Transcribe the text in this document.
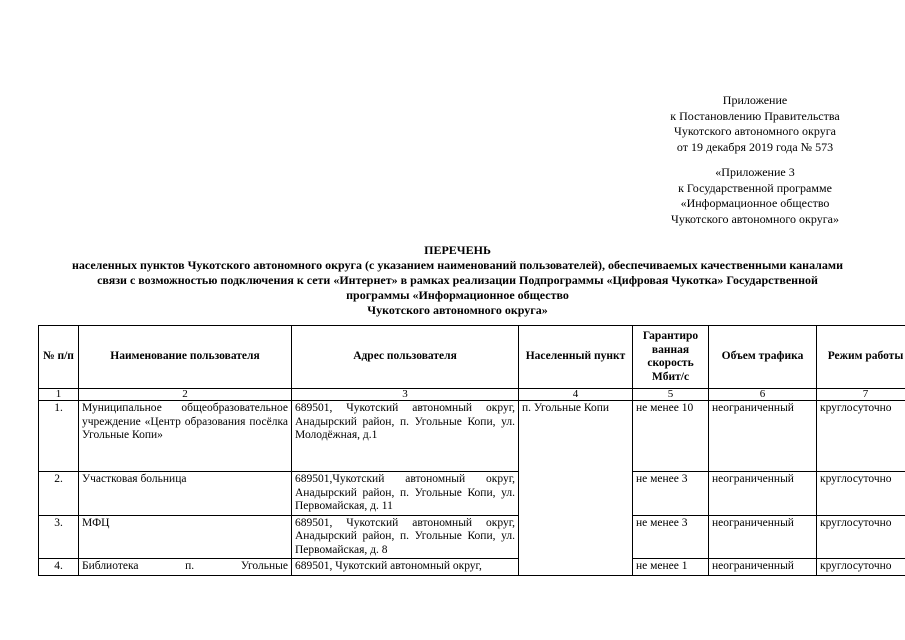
Приложение
к Постановлению Правительства
Чукотского автономного округа
от 19 декабря 2019 года № 573
«Приложение 3
к Государственной программе
«Информационное общество
Чукотского автономного округа»
ПЕРЕЧЕНЬ
населенных пунктов Чукотского автономного округа (с указанием наименований пользователей), обеспечиваемых качественными каналами
связи с возможностью подключения к сети «Интернет» в рамках реализации Подпрограммы «Цифровая Чукотка» Государственной
программы «Информационное общество
Чукотского автономного округа»
№ п/п	Наименование пользователя	Адрес пользователя	Населенный пункт	Гарантиро ванная скорость Мбит/с	Объем трафика	Режим работы
1	2	3	4	5	6	7
1.	Муниципальное общеобразовательное учреждение «Центр образования посёлка Угольные Копи»	689501, Чукотский автономный округ, Анадырский район, п. Угольные Копи, ул. Молодёжная, д.1	п. Угольные Копи	не менее 10	неограниченный	круглосуточно
2.	Участковая больница	689501,Чукотский автономный округ, Анадырский район, п. Угольные Копи, ул. Первомайская, д. 11		не менее 3	неограниченный	круглосуточно
3.	МФЦ	689501, Чукотский автономный округ, Анадырский район, п. Угольные Копи, ул. Первомайская, д. 8		не менее 3	неограниченный	круглосуточно
4.	Библиотека п. Угольные	689501, Чукотский автономный округ,		не менее 1	неограниченный	круглосуточно
